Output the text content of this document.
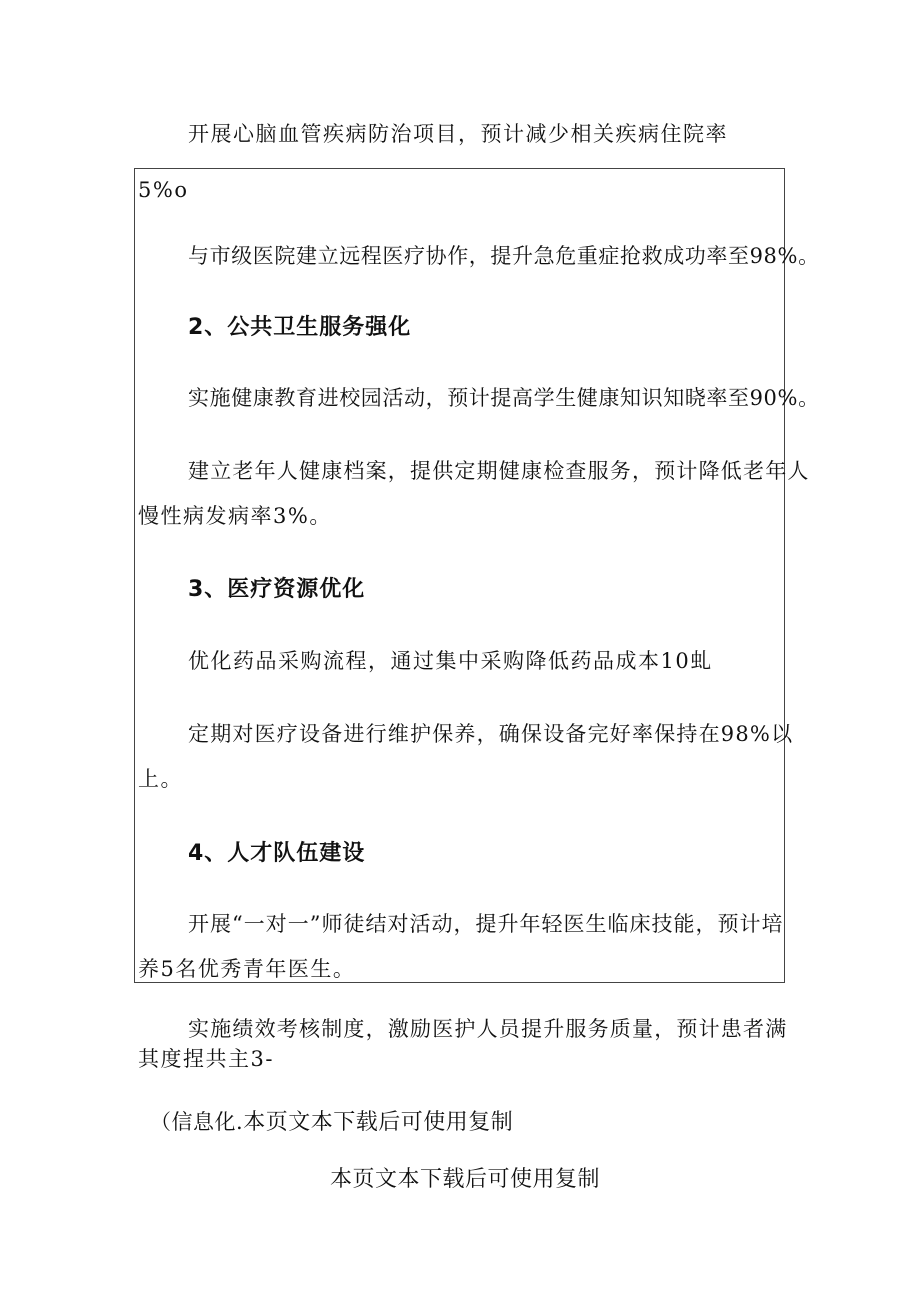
开展心脑血管疾病防治项目，预计减少相关疾病住院率
5%o
与市级医院建立远程医疗协作，提升急危重症抢救成功率至98%。
2、公共卫生服务强化
实施健康教育进校园活动，预计提高学生健康知识知晓率至90%。
建立老年人健康档案，提供定期健康检查服务，预计降低老年人
慢性病发病率3%。
3、医疗资源优化
优化药品采购流程，通过集中采购降低药品成本10虬
定期对医疗设备进行维护保养，确保设备完好率保持在98%以
上。
4、人才队伍建设
开展“一对一”师徒结对活动，提升年轻医生临床技能，预计培
养5名优秀青年医生。
实施绩效考核制度，激励医护人员提升服务质量，预计患者满
其度捏共主3-
（信息化.本页文本下载后可使用复制
本页文本下载后可使用复制
